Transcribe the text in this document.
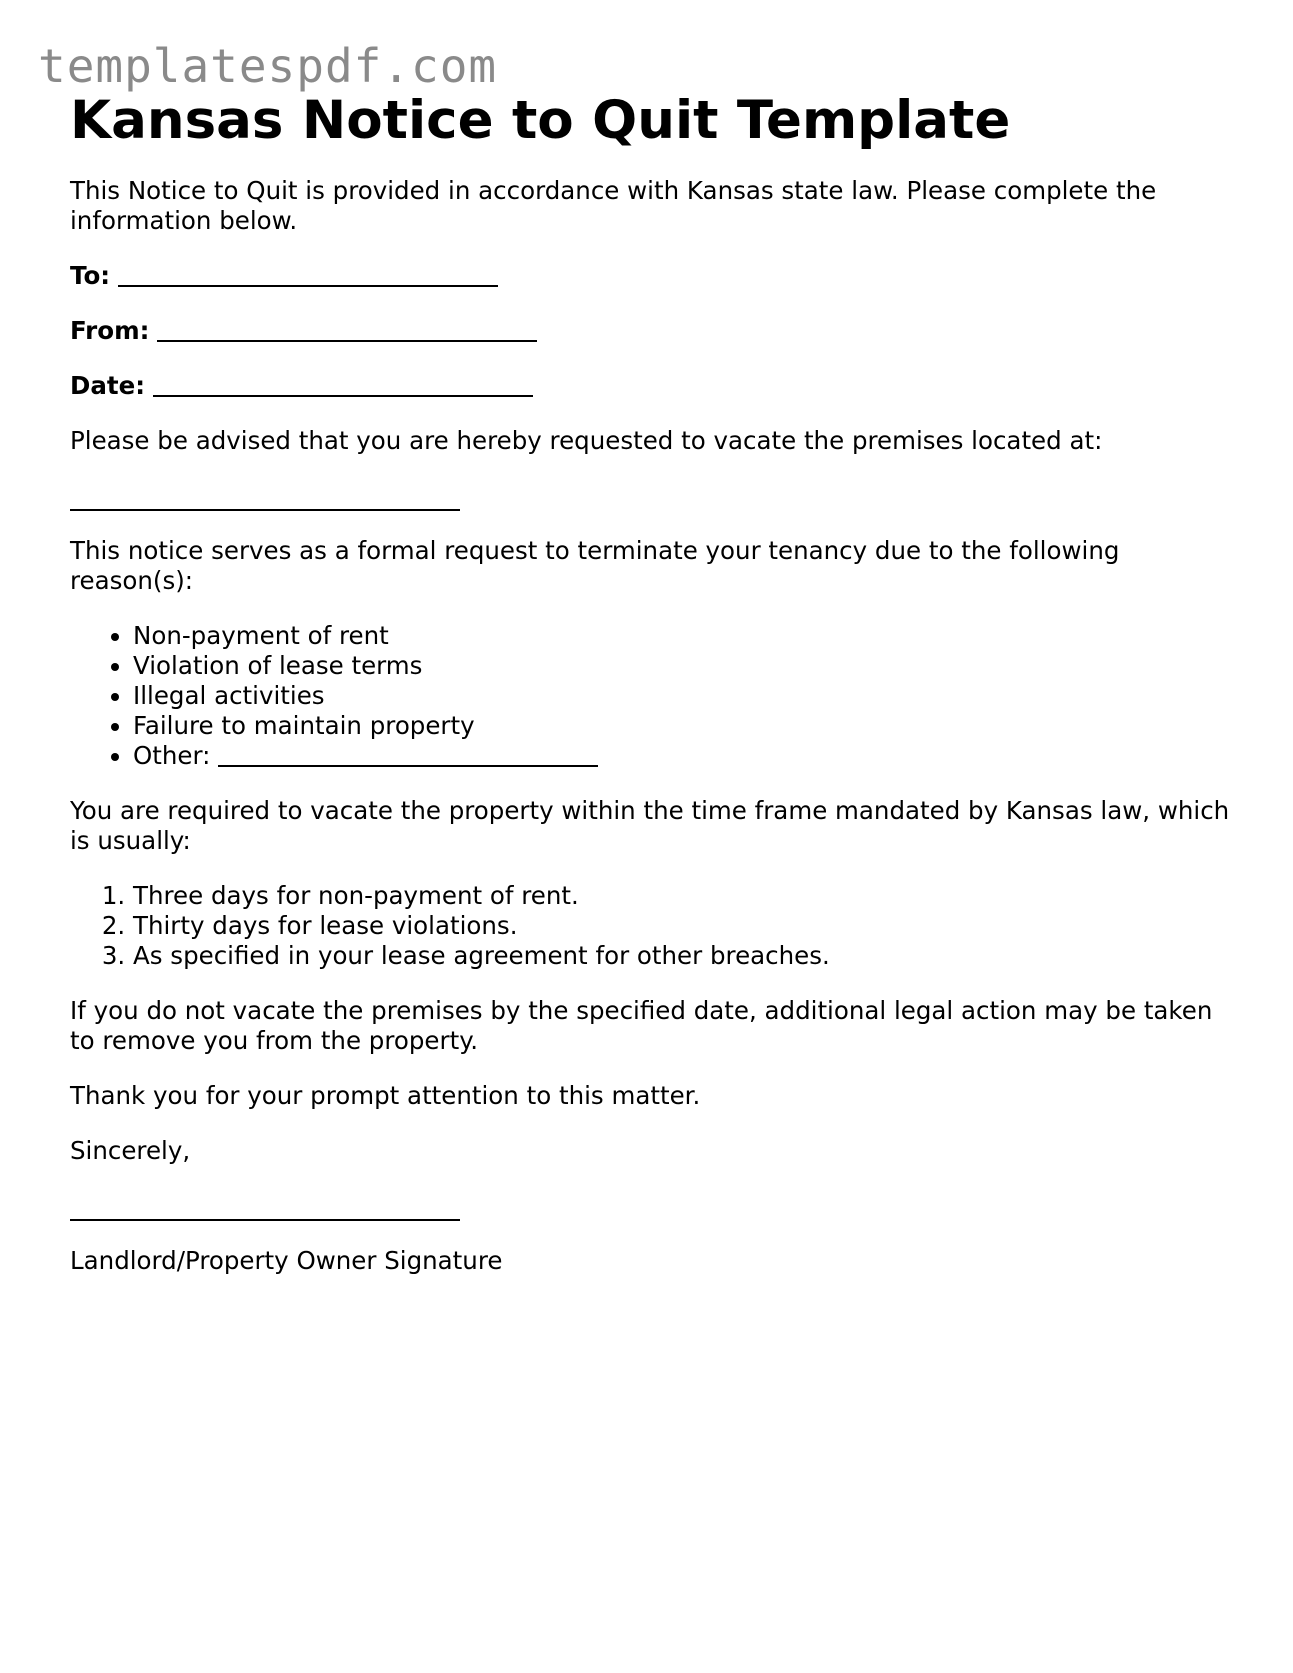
templatespdf.com
Kansas Notice to Quit Template

This Notice to Quit is provided in accordance with Kansas state law. Please complete the information below.

To:

From:

Date:

Please be advised that you are hereby requested to vacate the premises located at:

This notice serves as a formal request to terminate your tenancy due to the following reason(s):

• Non-payment of rent
• Violation of lease terms
• Illegal activities
• Failure to maintain property
• Other:

You are required to vacate the property within the time frame mandated by Kansas law, which is usually:

1. Three days for non-payment of rent.
2. Thirty days for lease violations.
3. As specified in your lease agreement for other breaches.

If you do not vacate the premises by the specified date, additional legal action may be taken to remove you from the property.

Thank you for your prompt attention to this matter.

Sincerely,

Landlord/Property Owner Signature
